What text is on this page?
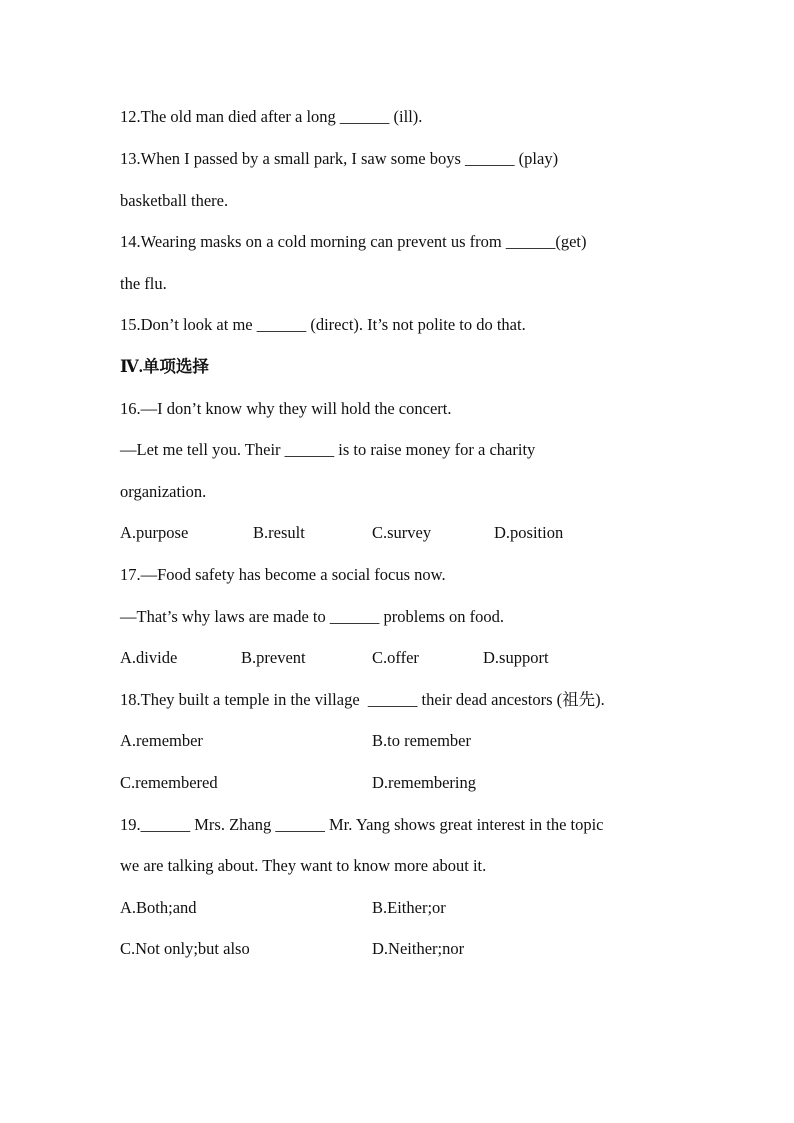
12.The old man died after a long ______ (ill).
13.When I passed by a small park, I saw some boys ______ (play)
basketball there.
14.Wearing masks on a cold morning can prevent us from ______(get)
the flu.
15.Don’t look at me ______ (direct). It’s not polite to do that.
Ⅳ.单项选择
16.—I don’t know why they will hold the concert.
—Let me tell you. Their ______ is to raise money for a charity
organization.
A.purpose	B.result	C.survey	D.position
17.—Food safety has become a social focus now.
—That’s why laws are made to ______ problems on food.
A.divide	B.prevent	C.offer	D.support
18.They built a temple in the village  ______ their dead ancestors (祖先).
A.remember	B.to remember
C.remembered	D.remembering
19.______ Mrs. Zhang ______ Mr. Yang shows great interest in the topic
we are talking about. They want to know more about it.
A.Both;and	B.Either;or
C.Not only;but also	D.Neither;nor
